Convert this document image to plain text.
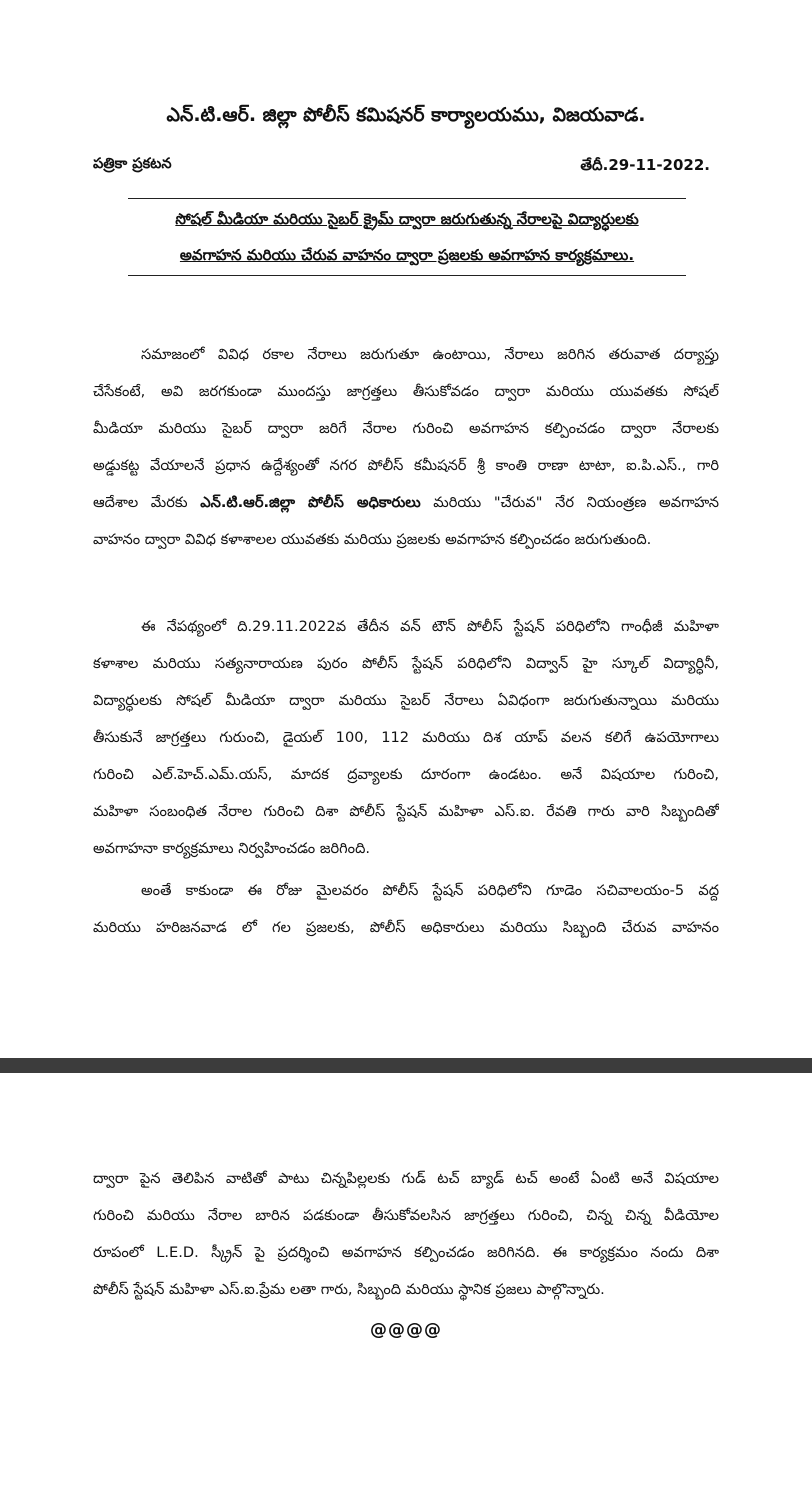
ఎన్.టి.ఆర్. జిల్లా పోలీస్ కమిషనర్ కార్యాలయము, విజయవాడ.
పత్రికా ప్రకటన	తేదీ.29-11-2022.
సోషల్ మీడియా మరియు సైబర్ క్రైమ్ ద్వారా జరుగుతున్న నేరాలపై విద్యార్ధులకు
అవగాహన మరియు చేరువ వాహనం ద్వారా ప్రజలకు అవగాహన కార్యక్రమాలు.
సమాజంలో వివిధ రకాల నేరాలు జరుగుతూ ఉంటాయి, నేరాలు జరిగిన తరువాత దర్యాప్తు
చేసేకంటే, అవి జరగకుండా ముందస్తు జాగ్రత్తలు తీసుకోవడం ద్వారా మరియు యువతకు సోషల్
మీడియా మరియు సైబర్ ద్వారా జరిగే నేరాల గురించి అవగాహన కల్పించడం ద్వారా నేరాలకు
అడ్డుకట్ట వేయాలనే ప్రధాన ఉద్దేశ్యంతో నగర పోలీస్ కమీషనర్ శ్రీ కాంతి రాణా టాటా, ఐ.పి.ఎస్., గారి
ఆదేశాల మేరకు ఎన్.టి.ఆర్.జిల్లా పోలీస్ అధికారులు మరియు "చేరువ" నేర నియంత్రణ అవగాహన
వాహనం ద్వారా వివిధ కళాశాలల యువతకు మరియు ప్రజలకు అవగాహన కల్పించడం జరుగుతుంది.
ఈ నేపథ్యంలో ది.29.11.2022వ తేదీన వన్ టౌన్ పోలీస్ స్టేషన్ పరిధిలోని గాంధీజీ మహిళా
కళాశాల మరియు సత్యనారాయణ పురం పోలీస్ స్టేషన్ పరిధిలోని విద్వాన్ హై స్కూల్ విద్యార్ధినీ,
విద్యార్ధులకు సోషల్ మీడియా ద్వారా మరియు సైబర్ నేరాలు ఏవిధంగా జరుగుతున్నాయి మరియు
తీసుకునే జాగ్రత్తలు గురుంచి, డైయల్ 100, 112 మరియు దిశ యాప్ వలన కలిగే ఉపయోగాలు
గురించి ఎల్.హెచ్.ఎమ్.యస్, మాదక ద్రవ్యాలకు దూరంగా ఉండటం. అనే విషయాల గురించి,
మహిళా సంబంధిత నేరాల గురించి దిశా పోలీస్ స్టేషన్ మహిళా ఎస్.ఐ. రేవతి గారు వారి సిబ్బందితో
అవగాహనా కార్యక్రమాలు నిర్వహించడం జరిగింది.
అంతే కాకుండా ఈ రోజు మైలవరం పోలీస్ స్టేషన్ పరిధిలోని గూడెం సచివాలయం-5 వద్ద
మరియు హరిజనవాడ లో గల ప్రజలకు, పోలీస్ అధికారులు మరియు సిబ్బంది చేరువ వాహనం
ద్వారా పైన తెలిపిన వాటితో పాటు చిన్నపిల్లలకు గుడ్ టచ్ బ్యాడ్ టచ్ అంటే ఏంటి అనే విషయాల
గురించి మరియు నేరాల బారిన పడకుండా తీసుకోవలసిన జాగ్రత్తలు గురించి, చిన్న చిన్న వీడియోల
రూపంలో L.E.D. స్క్రీన్ పై ప్రదర్శించి అవగాహన కల్పించడం జరిగినది. ఈ కార్యక్రమం నందు దిశా
పోలీస్ స్టేషన్ మహిళా ఎస్.ఐ.ప్రేమ లతా గారు, సిబ్బంది మరియు స్థానిక ప్రజలు పాల్గొన్నారు.
@@@@
